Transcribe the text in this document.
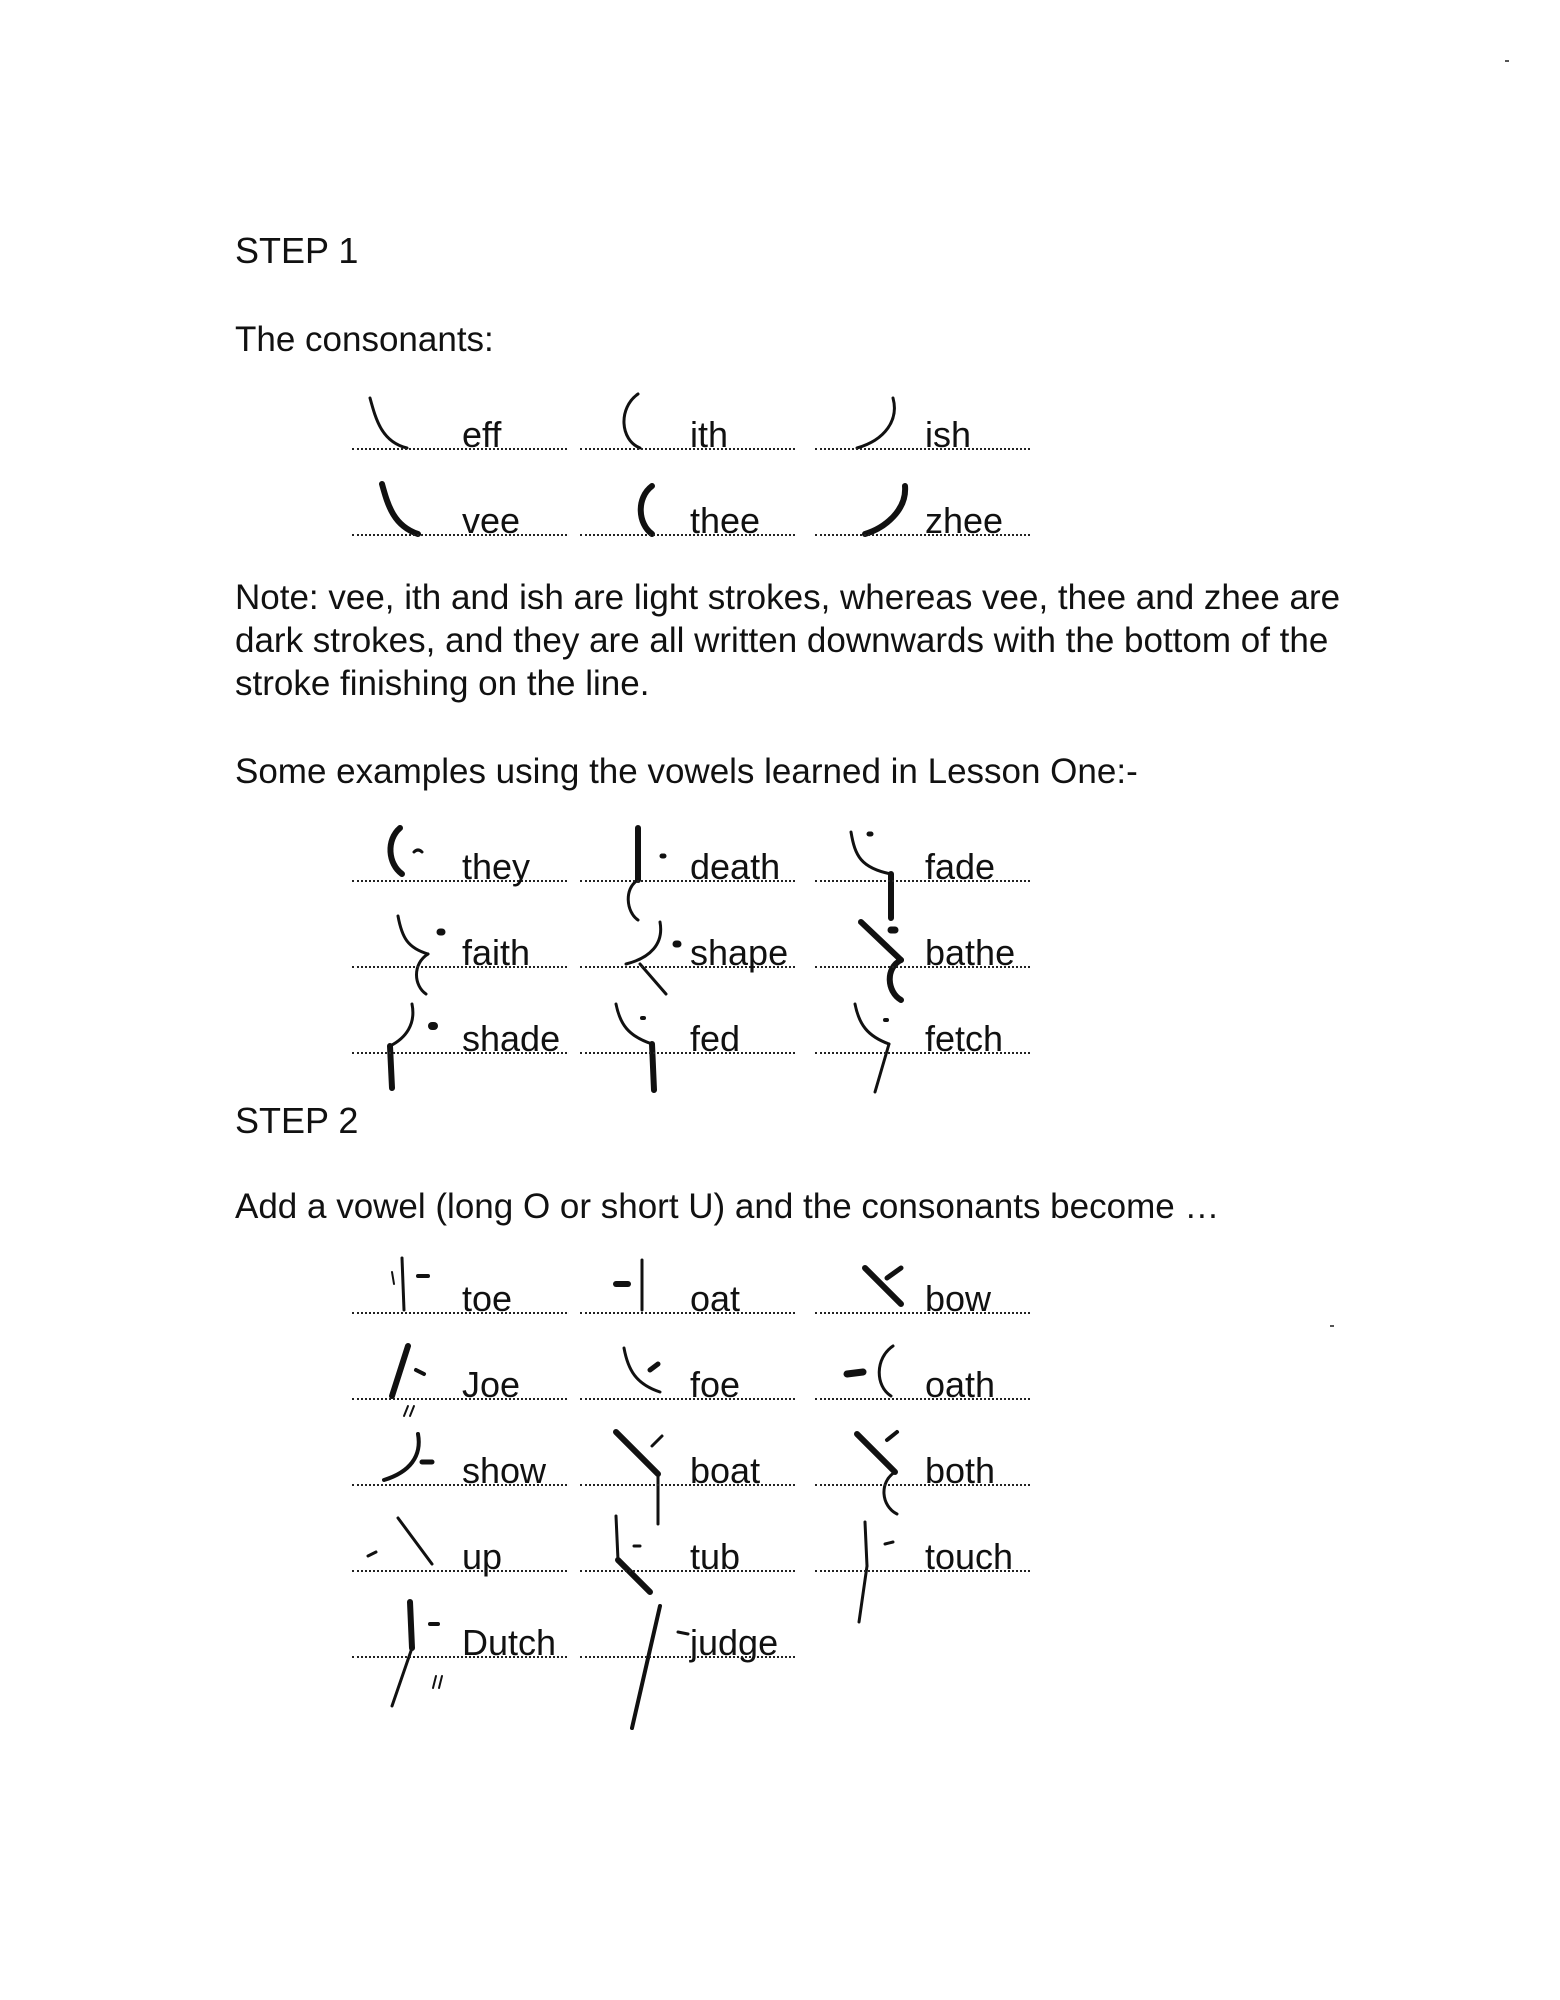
STEP 1
The consonants:
eff	ith	ish
vee	thee	zhee
Note: vee, ith and ish are light strokes, whereas vee, thee and zhee are dark strokes, and they are all written downwards with the bottom of the stroke finishing on the line.
Some examples using the vowels learned in Lesson One:-
they	death	fade
faith	shape	bathe
shade	fed	fetch
STEP 2
Add a vowel (long O or short U) and the consonants become …
toe	oat	bow
Joe	foe	oath
show	boat	both
up	tub	touch
Dutch	judge
